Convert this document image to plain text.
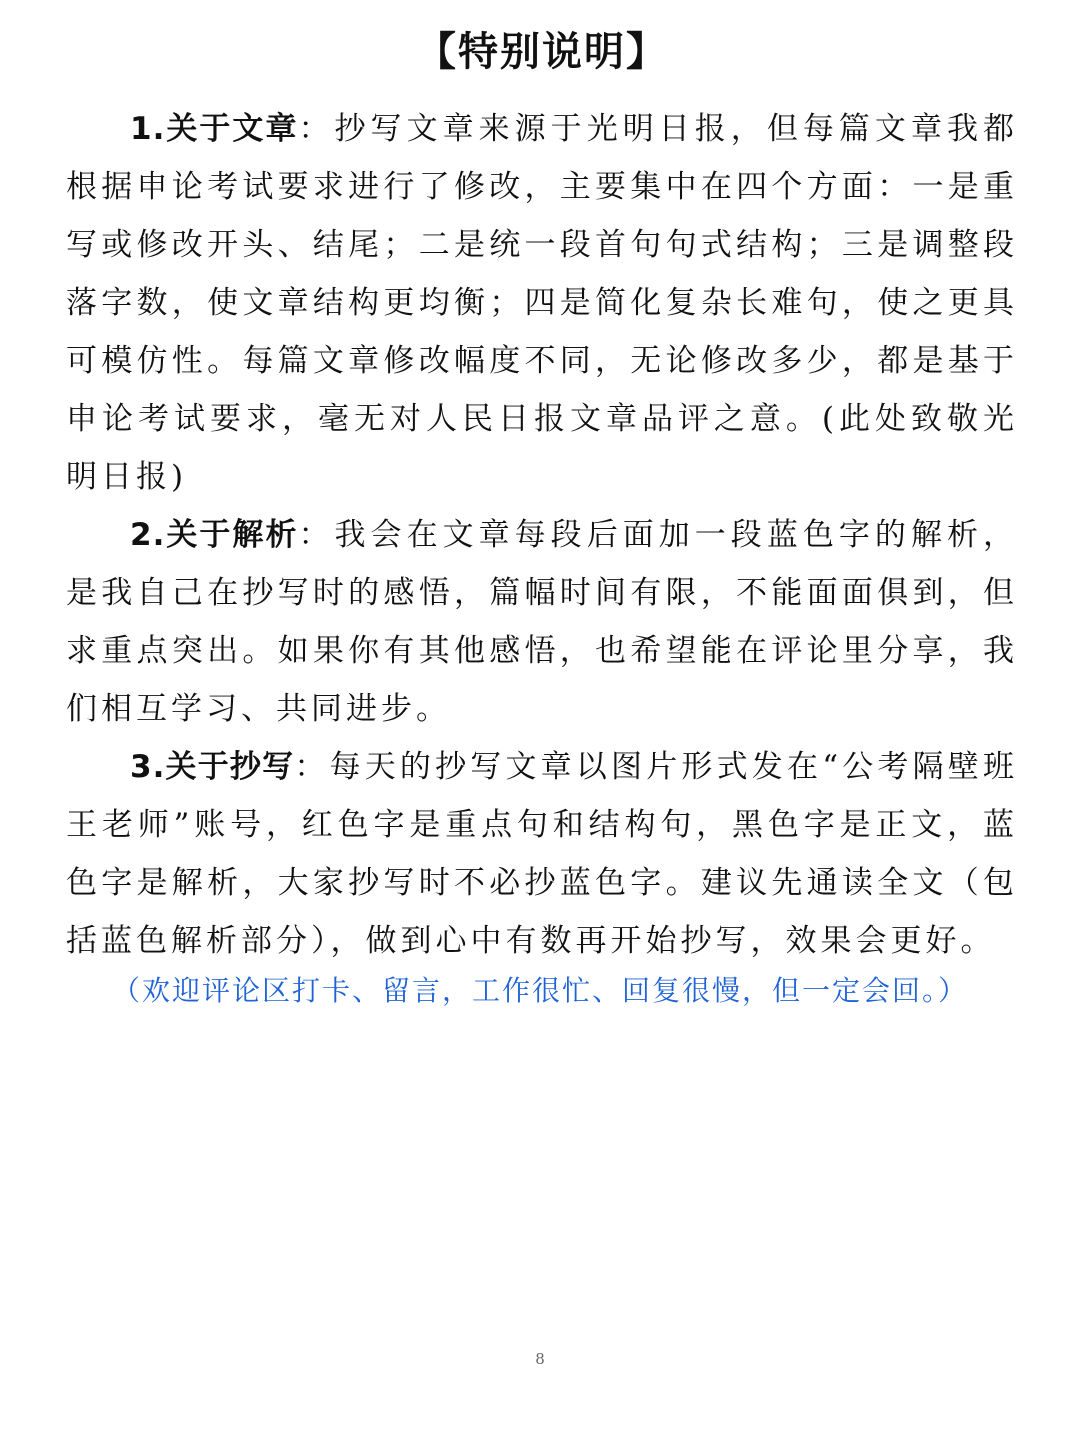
【特别说明】

1.关于文章：抄写文章来源于光明日报，但每篇文章我都根据申论考试要求进行了修改，主要集中在四个方面：一是重写或修改开头、结尾；二是统一段首句句式结构；三是调整段落字数，使文章结构更均衡；四是简化复杂长难句，使之更具可模仿性。每篇文章修改幅度不同，无论修改多少，都是基于申论考试要求，毫无对人民日报文章品评之意。(此处致敬光明日报)

2.关于解析：我会在文章每段后面加一段蓝色字的解析，是我自己在抄写时的感悟，篇幅时间有限，不能面面俱到，但求重点突出。如果你有其他感悟，也希望能在评论里分享，我们相互学习、共同进步。

3.关于抄写：每天的抄写文章以图片形式发在“公考隔壁班王老师”账号，红色字是重点句和结构句，黑色字是正文，蓝色字是解析，大家抄写时不必抄蓝色字。建议先通读全文（包括蓝色解析部分），做到心中有数再开始抄写，效果会更好。

（欢迎评论区打卡、留言，工作很忙、回复很慢，但一定会回。）
8
